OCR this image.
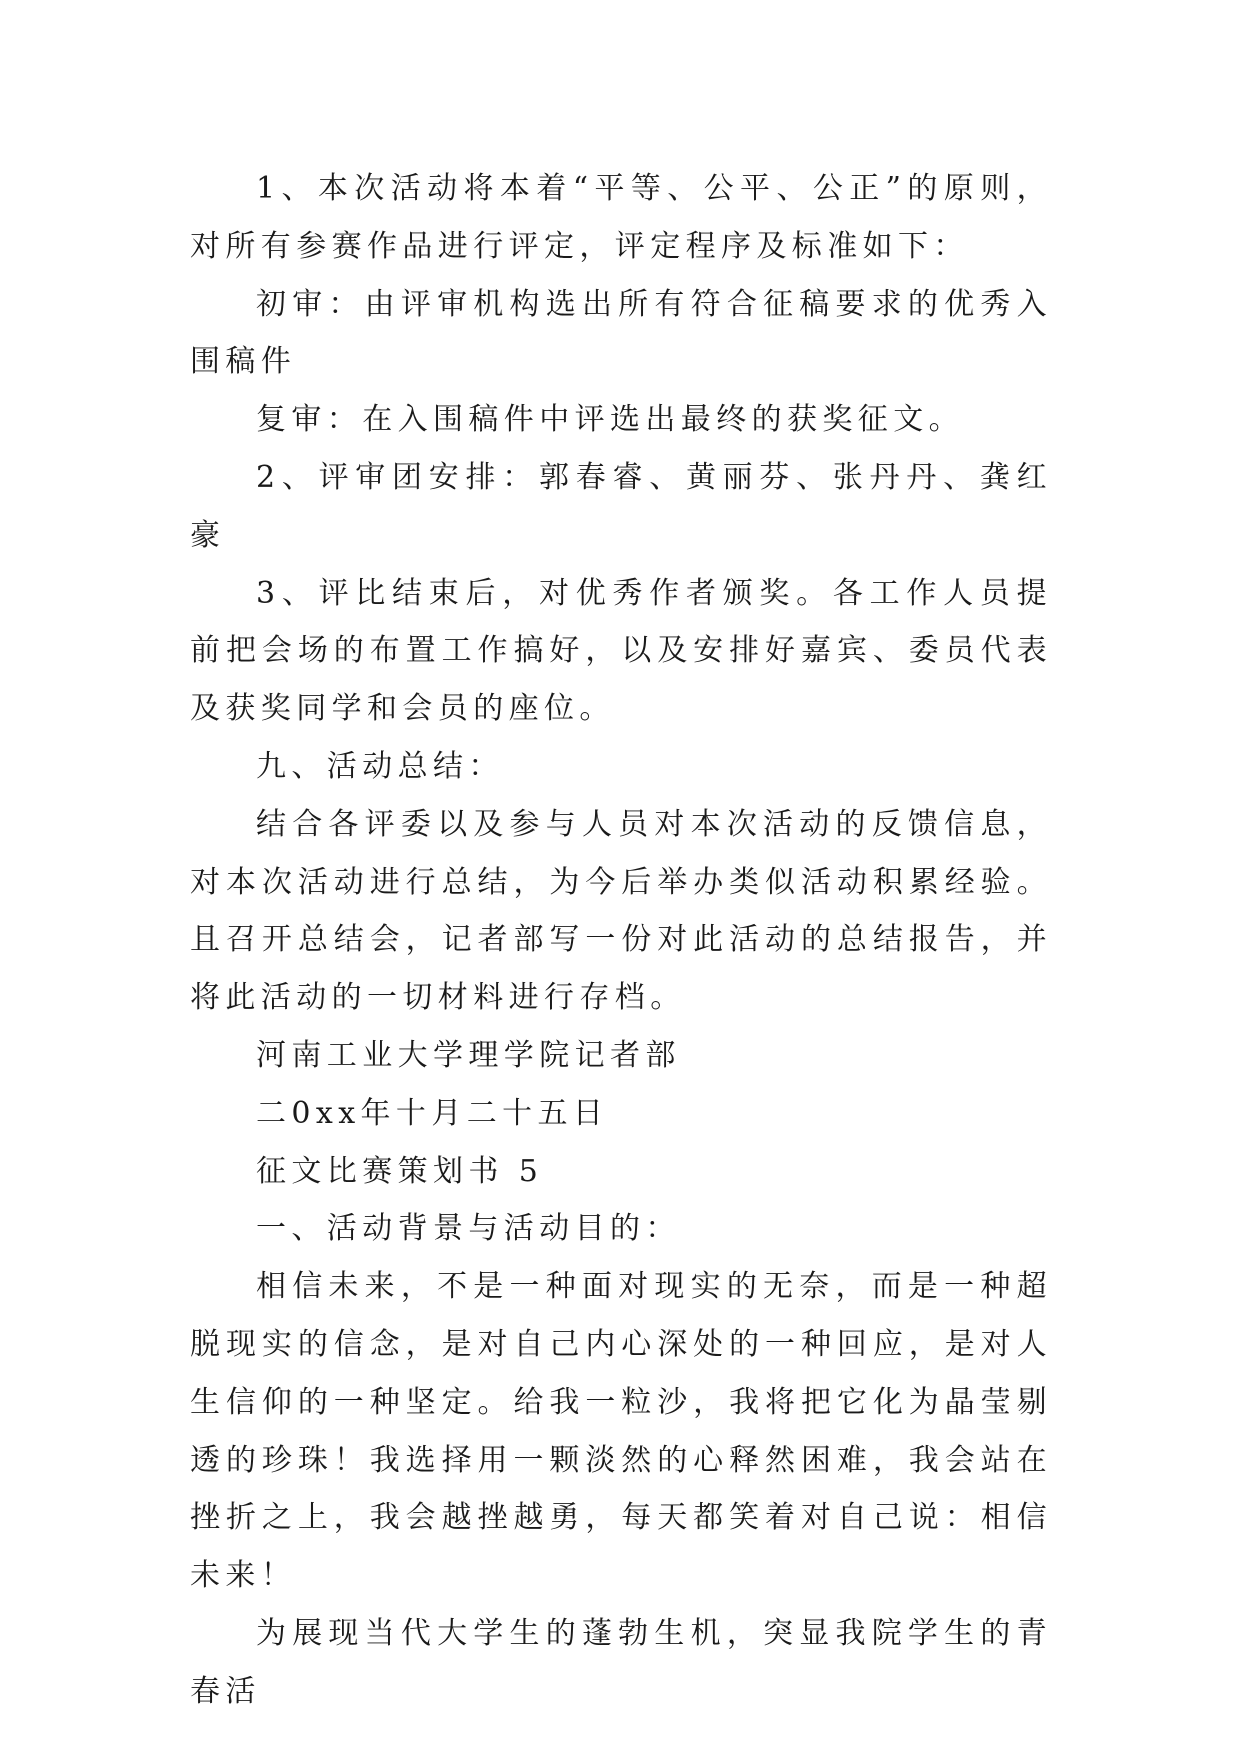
1、本次活动将本着“平等、公平、公正”的原则，对所有参赛作品进行评定，评定程序及标准如下：

初审：由评审机构选出所有符合征稿要求的优秀入围稿件

复审：在入围稿件中评选出最终的获奖征文。

2、评审团安排：郭春睿、黄丽芬、张丹丹、龚红豪

3、评比结束后，对优秀作者颁奖。各工作人员提前把会场的布置工作搞好，以及安排好嘉宾、委员代表及获奖同学和会员的座位。

九、活动总结：

结合各评委以及参与人员对本次活动的反馈信息，对本次活动进行总结，为今后举办类似活动积累经验。且召开总结会，记者部写一份对此活动的总结报告，并将此活动的一切材料进行存档。

河南工业大学理学院记者部

二0xx年十月二十五日

征文比赛策划书 5

一、活动背景与活动目的：

相信未来，不是一种面对现实的无奈，而是一种超脱现实的信念，是对自己内心深处的一种回应，是对人生信仰的一种坚定。给我一粒沙，我将把它化为晶莹剔透的珍珠！我选择用一颗淡然的心释然困难，我会站在挫折之上，我会越挫越勇，每天都笑着对自己说：相信未来！

为展现当代大学生的蓬勃生机，突显我院学生的青春活
